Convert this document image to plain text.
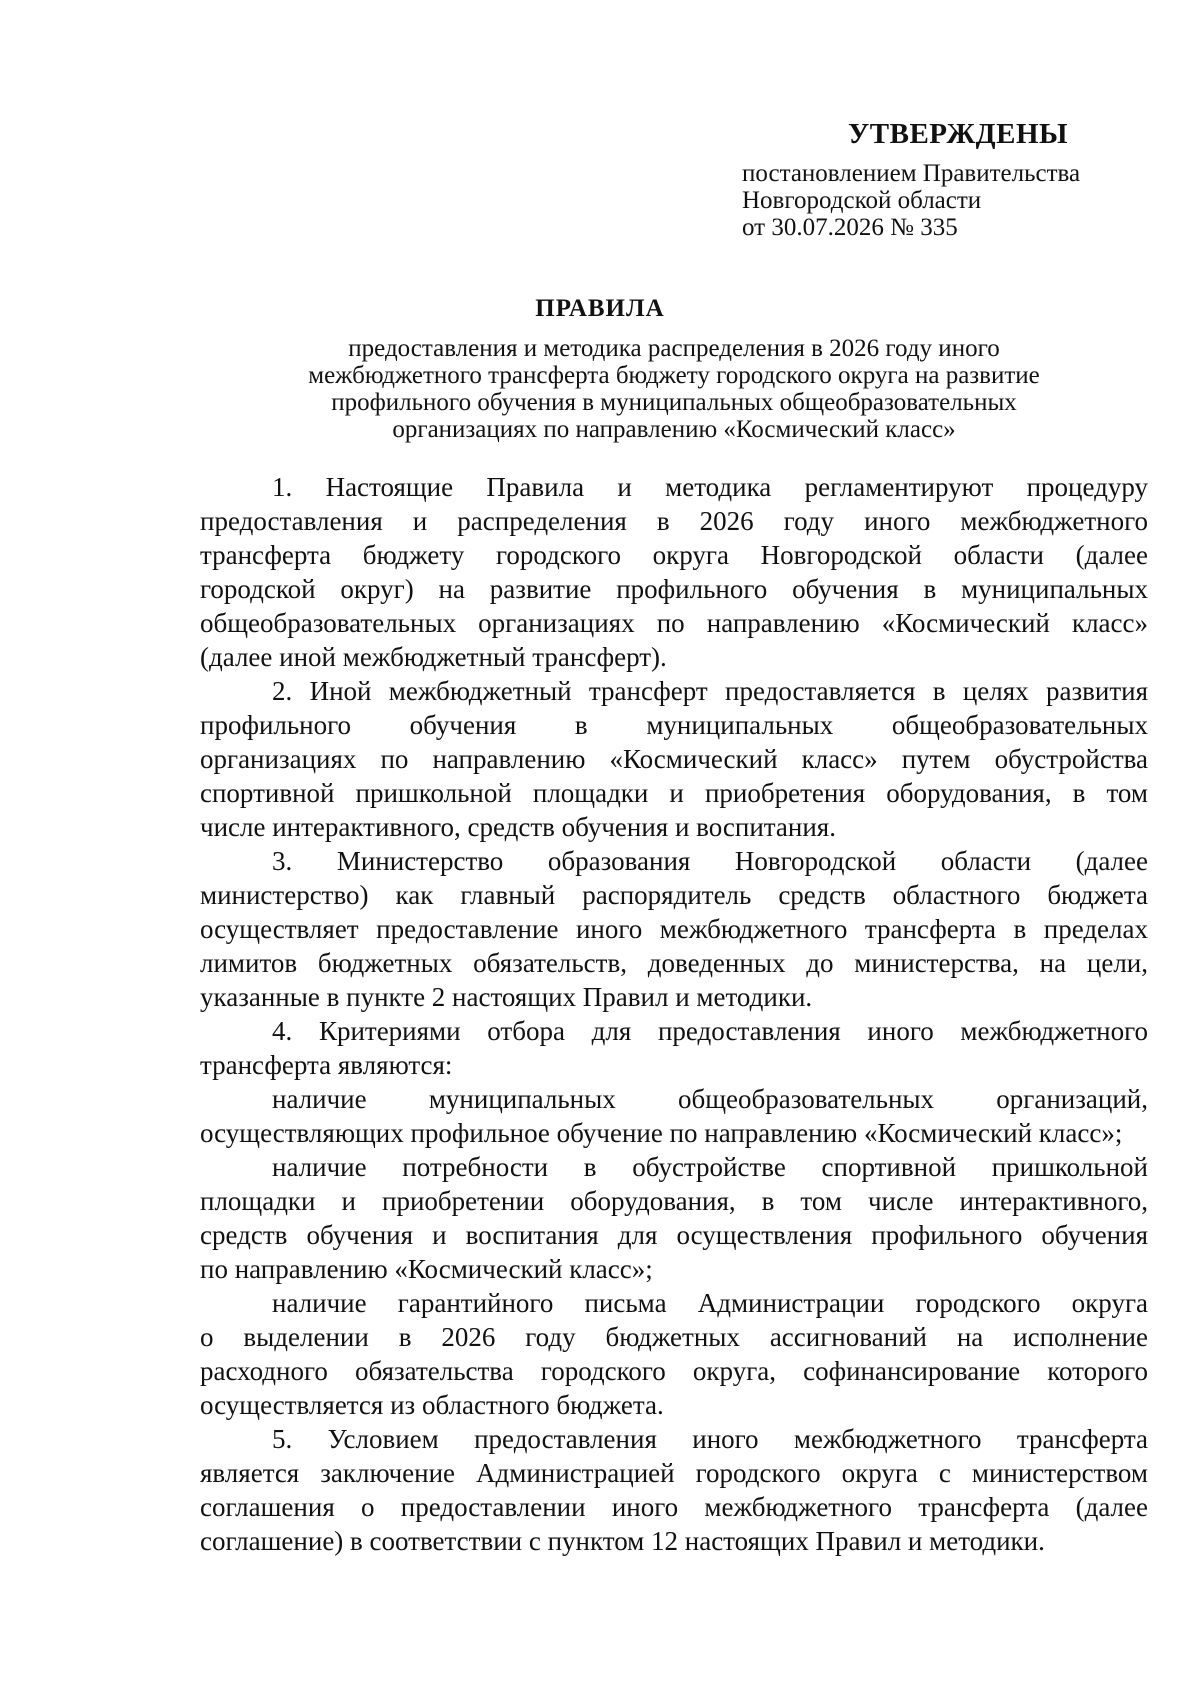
УТВЕРЖДЕНЫ
постановлением Правительства
Новгородской области
от 30.07.2026 № 335
ПРАВИЛА
предоставления и методика распределения в 2026 году иного
межбюджетного трансферта бюджету городского округа на развитие
профильного обучения в муниципальных общеобразовательных
организациях по направлению «Космический класс»
1. Настоящие Правила и методика регламентируют процедуру
предоставления и распределения в 2026 году иного межбюджетного
трансферта бюджету городского округа Новгородской области (далее
городской округ) на развитие профильного обучения в муниципальных
общеобразовательных организациях по направлению «Космический класс»
(далее иной межбюджетный трансферт).
2. Иной межбюджетный трансферт предоставляется в целях развития
профильного обучения в муниципальных общеобразовательных
организациях по направлению «Космический класс» путем обустройства
спортивной пришкольной площадки и приобретения оборудования, в том
числе интерактивного, средств обучения и воспитания.
3. Министерство образования Новгородской области (далее
министерство) как главный распорядитель средств областного бюджета
осуществляет предоставление иного межбюджетного трансферта в пределах
лимитов бюджетных обязательств, доведенных до министерства, на цели,
указанные в пункте 2 настоящих Правил и методики.
4. Критериями отбора для предоставления иного межбюджетного
трансферта являются:
наличие муниципальных общеобразовательных организаций,
осуществляющих профильное обучение по направлению «Космический класс»;
наличие потребности в обустройстве спортивной пришкольной
площадки и приобретении оборудования, в том числе интерактивного,
средств обучения и воспитания для осуществления профильного обучения
по направлению «Космический класс»;
наличие гарантийного письма Администрации городского округа
о выделении в 2026 году бюджетных ассигнований на исполнение
расходного обязательства городского округа, софинансирование которого
осуществляется из областного бюджета.
5. Условием предоставления иного межбюджетного трансферта
является заключение Администрацией городского округа с министерством
соглашения о предоставлении иного межбюджетного трансферта (далее
соглашение) в соответствии с пунктом 12 настоящих Правил и методики.
